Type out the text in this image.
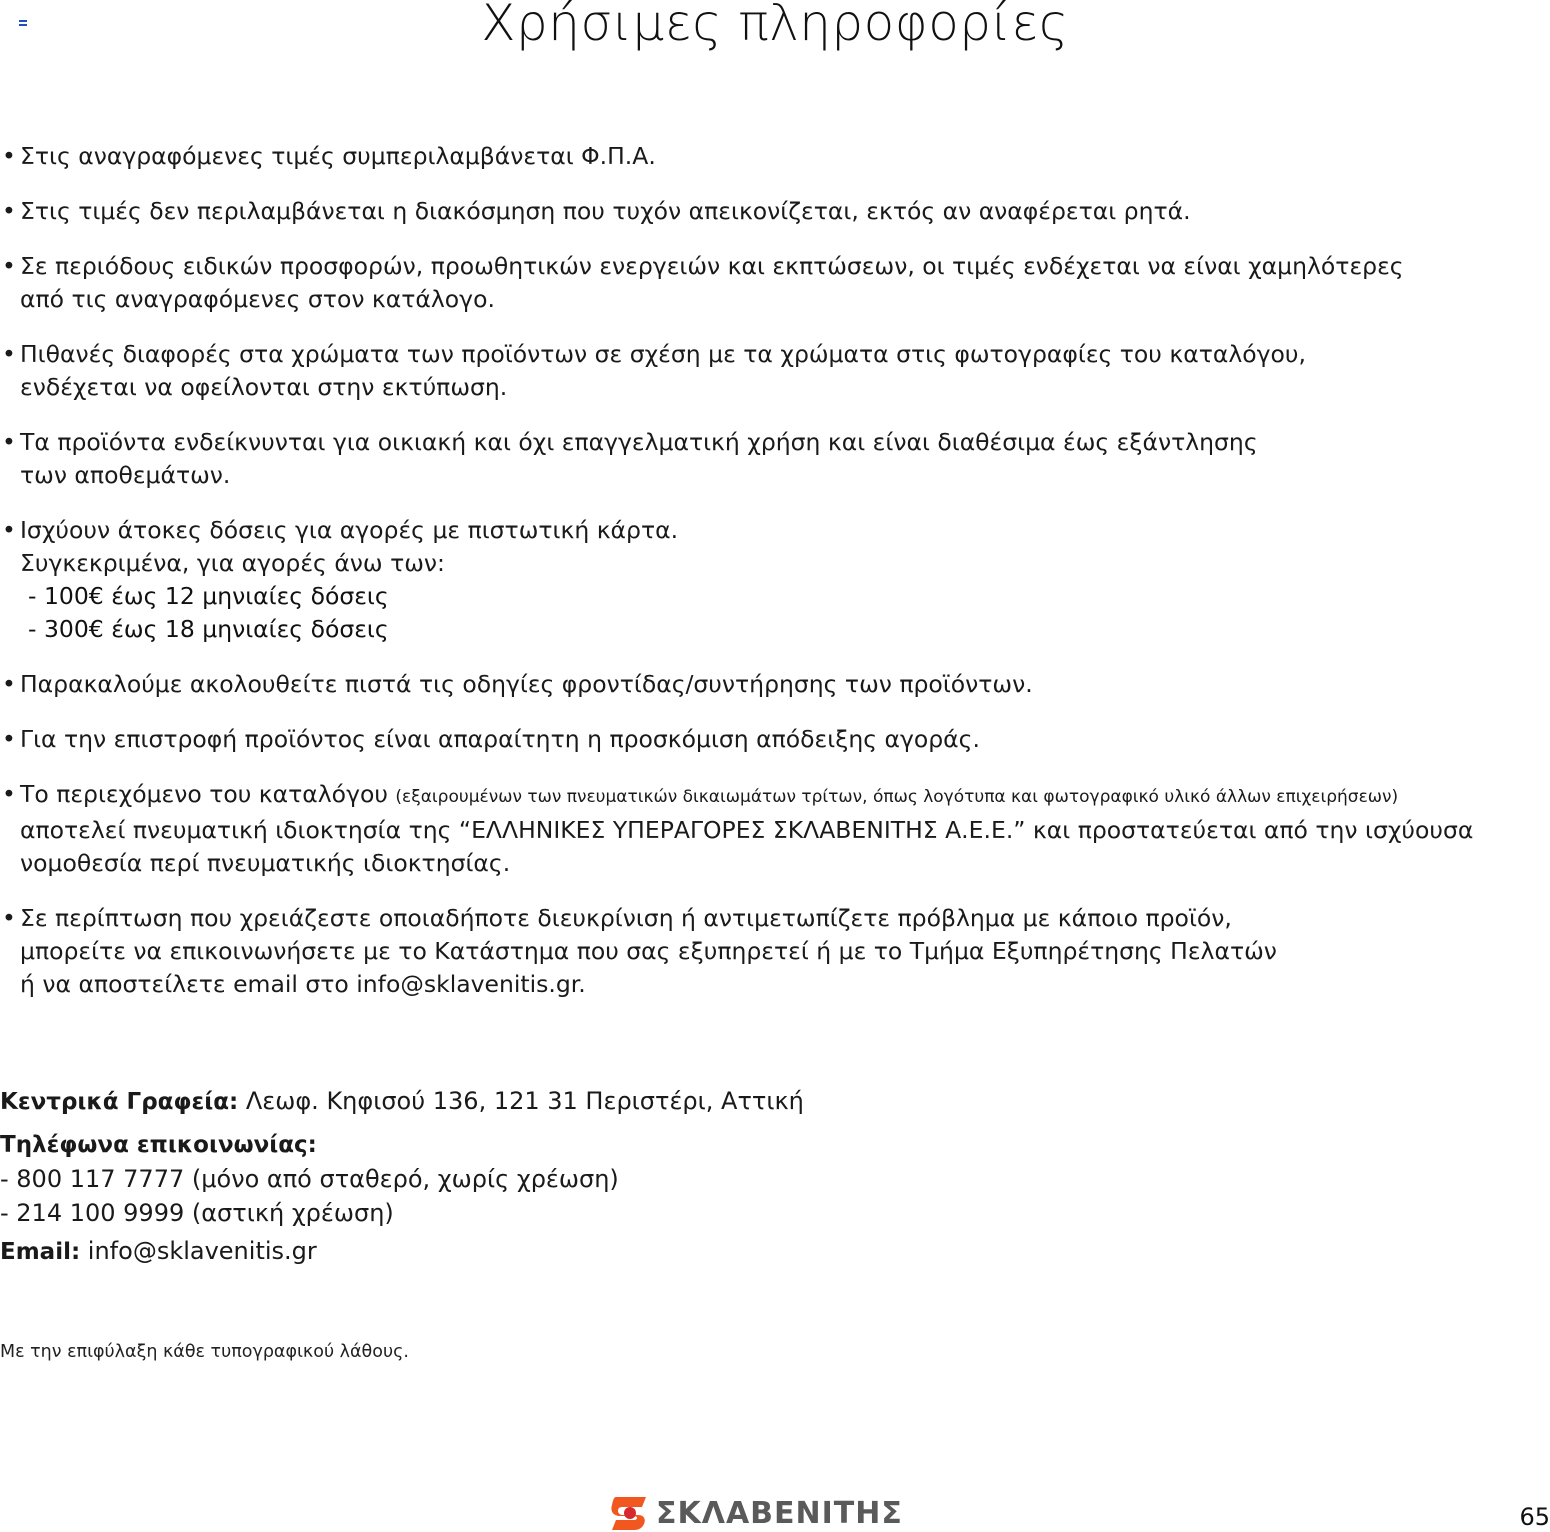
Χρήσιμες πληροφορίες
• Στις αναγραφόμενες τιμές συμπεριλαμβάνεται Φ.Π.Α.
• Στις τιμές δεν περιλαμβάνεται η διακόσμηση που τυχόν απεικονίζεται, εκτός αν αναφέρεται ρητά.
• Σε περιόδους ειδικών προσφορών, προωθητικών ενεργειών και εκπτώσεων, οι τιμές ενδέχεται να είναι χαμηλότερες
από τις αναγραφόμενες στον κατάλογο.
• Πιθανές διαφορές στα χρώματα των προϊόντων σε σχέση με τα χρώματα στις φωτογραφίες του καταλόγου,
ενδέχεται να οφείλονται στην εκτύπωση.
• Τα προϊόντα ενδείκνυνται για οικιακή και όχι επαγγελματική χρήση και είναι διαθέσιμα έως εξάντλησης
των αποθεμάτων.
• Ισχύουν άτοκες δόσεις για αγορές με πιστωτική κάρτα.
Συγκεκριμένα, για αγορές άνω των:
- 100€ έως 12 μηνιαίες δόσεις
- 300€ έως 18 μηνιαίες δόσεις
• Παρακαλούμε ακολουθείτε πιστά τις οδηγίες φροντίδας/συντήρησης των προϊόντων.
• Για την επιστροφή προϊόντος είναι απαραίτητη η προσκόμιση απόδειξης αγοράς.
• Το περιεχόμενο του καταλόγου (εξαιρουμένων των πνευματικών δικαιωμάτων τρίτων, όπως λογότυπα και φωτογραφικό υλικό άλλων επιχειρήσεων)
αποτελεί πνευματική ιδιοκτησία της “ΕΛΛΗΝΙΚΕΣ ΥΠΕΡΑΓΟΡΕΣ ΣΚΛΑΒΕΝΙΤΗΣ Α.Ε.Ε.” και προστατεύεται από την ισχύουσα
νομοθεσία περί πνευματικής ιδιοκτησίας.
• Σε περίπτωση που χρειάζεστε οποιαδήποτε διευκρίνιση ή αντιμετωπίζετε πρόβλημα με κάποιο προϊόν,
μπορείτε να επικοινωνήσετε με το Κατάστημα που σας εξυπηρετεί ή με το Τμήμα Εξυπηρέτησης Πελατών
ή να αποστείλετε email στο info@sklavenitis.gr.
Κεντρικά Γραφεία: Λεωφ. Κηφισού 136, 121 31 Περιστέρι, Αττική
Τηλέφωνα επικοινωνίας:
- 800 117 7777 (μόνο από σταθερό, χωρίς χρέωση)
- 214 100 9999 (αστική χρέωση)
Email: info@sklavenitis.gr
Με την επιφύλαξη κάθε τυπογραφικού λάθους.
ΣΚΛΑΒΕΝΙΤΗΣ	65
